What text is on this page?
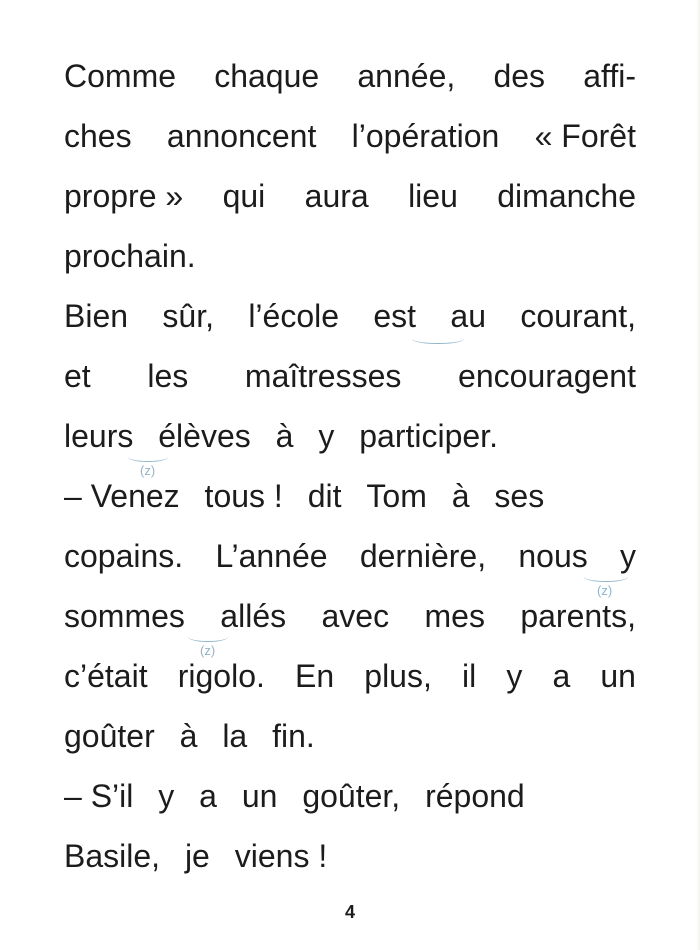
Comme chaque année, des affi-
ches annoncent l’opération « Forêt
propre » qui aura lieu dimanche
prochain.
Bien sûr, l’école est au courant,
et les maîtresses encouragent
leurs élèves à y participer.
(z)
– Venez tous ! dit Tom à ses
copains. L’année dernière, nous y
(z)
sommes allés avec mes parents,
(z)
c’était rigolo. En plus, il y a un
goûter à la fin.
– S’il y a un goûter, répond
Basile, je viens !
4
